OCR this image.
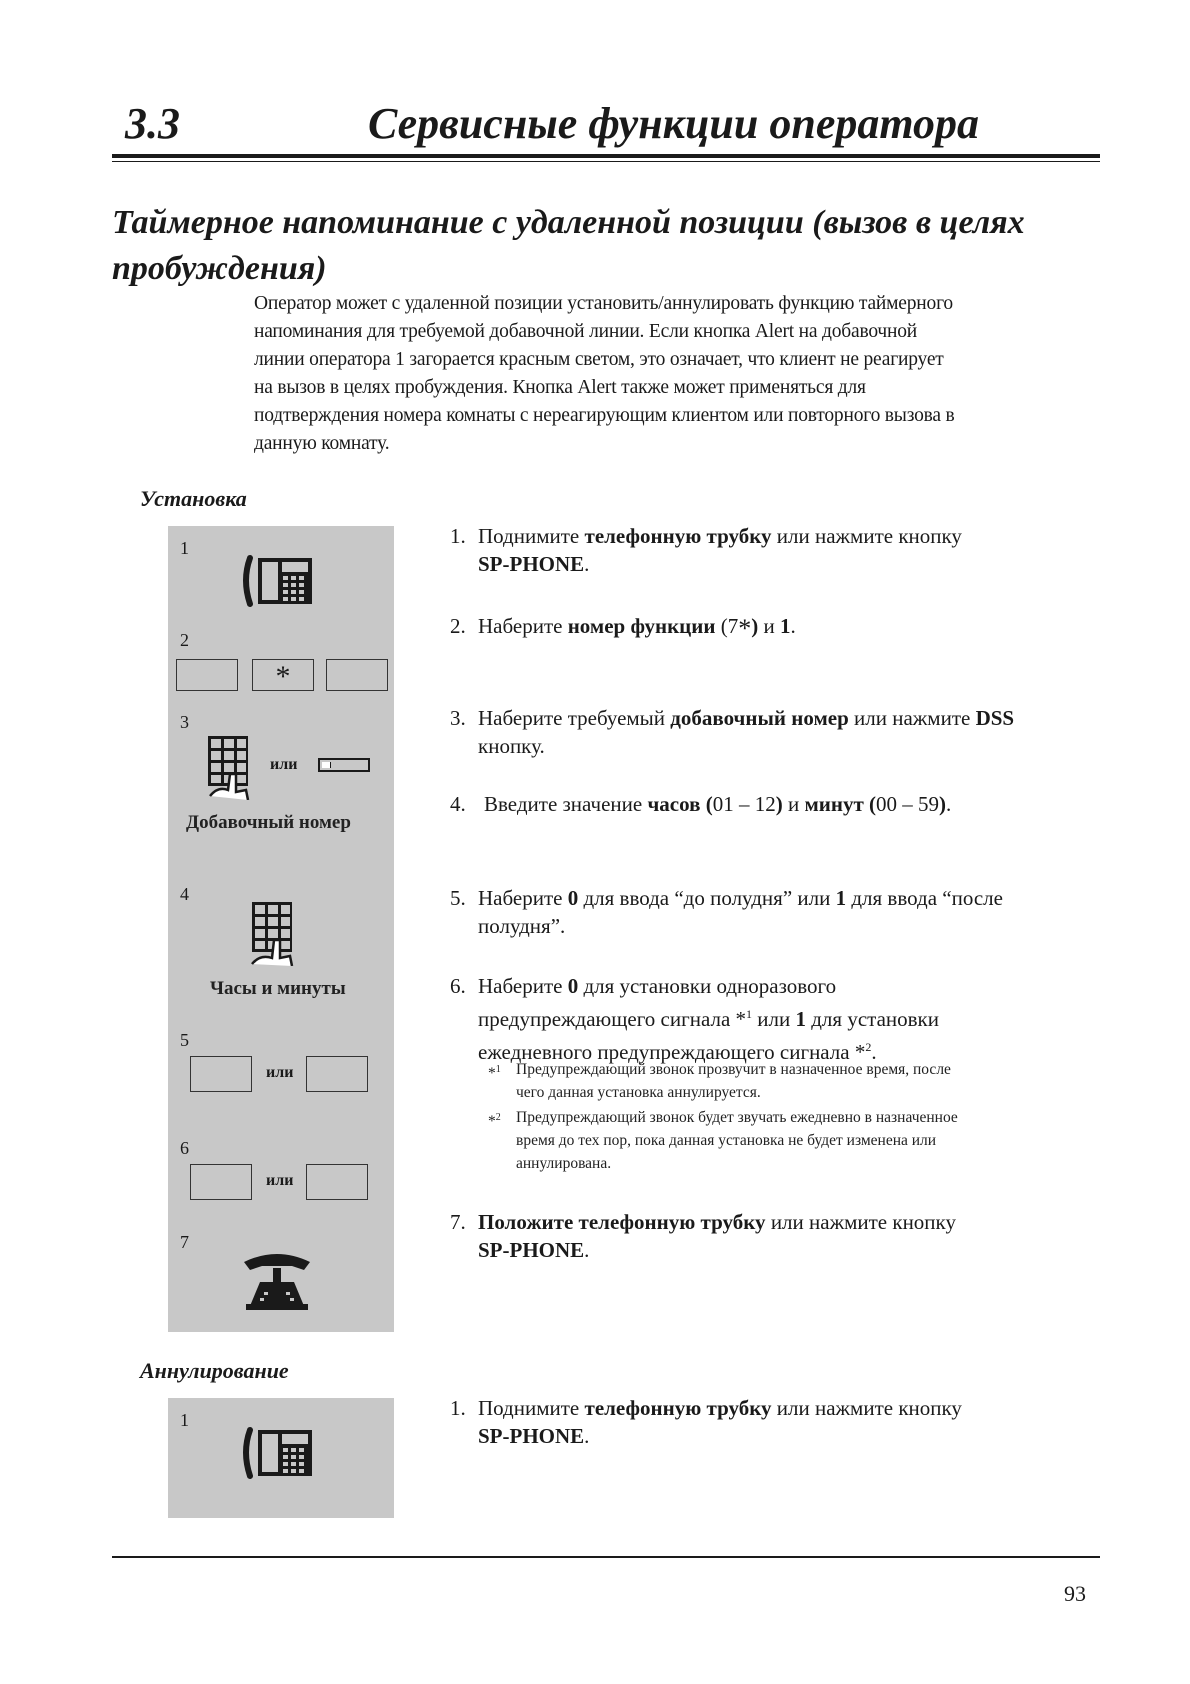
3.3	Сервисные функции оператора
Таймерное напоминание с удаленной позиции (вызов в целях пробуждения)
Оператор может с удаленной позиции установить/аннулировать функцию таймерного
напоминания для требуемой добавочной линии. Если кнопка Alert на добавочной
линии оператора 1 загорается красным светом, это означает, что клиент не реагирует
на вызов в целях пробуждения. Кнопка Alert также может применяться для
подтверждения номера комнаты с нереагирующим клиентом или повторного вызова в
данную комнату.
Установка
1
2
*
3
или
Добавочный номер
4
Часы и минуты
5
или
6
или
7
1. Поднимите телефонную трубку или нажмите кнопку
SP-PHONE.
2. Наберите номер функции (7*) и 1.
3. Наберите требуемый добавочный номер или нажмите DSS
кнопку.
4. Введите значение часов (01 – 12) и минут (00 – 59).
5. Наберите 0 для ввода “до полудня” или 1 для ввода “после
полудня”.
6. Наберите 0 для установки одноразового
предупреждающего сигнала *$^1$ или 1 для установки
ежедневного предупреждающего сигнала *$^2$.
*$^1$ Предупреждающий звонок прозвучит в назначенное время, после
чего данная установка аннулируется.
*$^2$ Предупреждающий звонок будет звучать ежедневно в назначенное
время до тех пор, пока данная установка не будет изменена или
аннулирована.
7. Положите телефонную трубку или нажмите кнопку
SP-PHONE.
Аннулирование
1	1. Поднимите телефонную трубку или нажмите кнопку
SP-PHONE.
93
